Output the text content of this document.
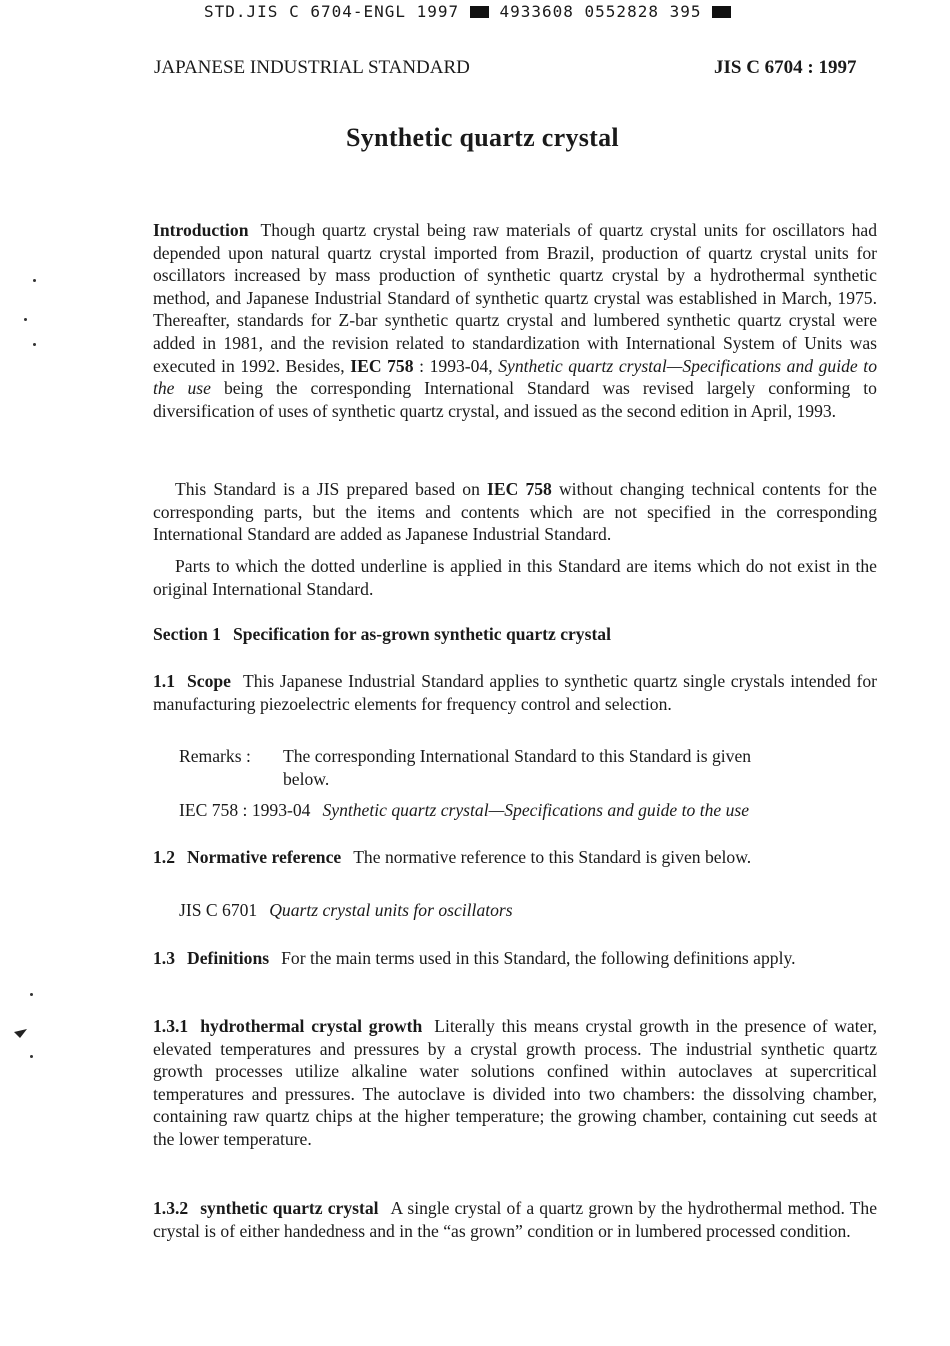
STD.JIS C 6704-ENGL 1997	4933608 0552828 395
JAPANESE INDUSTRIAL STANDARD	JIS C 6704 : 1997
Synthetic quartz crystal

Introduction Though quartz crystal being raw materials of quartz crystal units for oscillators had depended upon natural quartz crystal imported from Brazil, production of quartz crystal units for oscillators increased by mass production of synthetic quartz crystal by a hydrothermal synthetic method, and Japanese Industrial Standard of synthetic quartz crystal was established in March, 1975. Thereafter, standards for Z-bar synthetic quartz crystal and lumbered synthetic quartz crystal were added in 1981, and the revision related to standardization with International System of Units was executed in 1992. Besides, IEC 758 : 1993-04, Synthetic quartz crystal—Specifications and guide to the use being the corresponding International Standard was revised largely conforming to diversification of uses of synthetic quartz crystal, and issued as the second edition in April, 1993.

This Standard is a JIS prepared based on IEC 758 without changing technical contents for the corresponding parts, but the items and contents which are not specified in the corresponding International Standard are added as Japanese Industrial Standard.

Parts to which the dotted underline is applied in this Standard are items which do not exist in the original International Standard.

Section 1 Specification for as-grown synthetic quartz crystal

1.1 Scope This Japanese Industrial Standard applies to synthetic quartz single crystals intended for manufacturing piezoelectric elements for frequency control and selection.

Remarks : The corresponding International Standard to this Standard is given
below.
IEC 758 : 1993-04 Synthetic quartz crystal—Specifications and guide to the use

1.2 Normative reference The normative reference to this Standard is given below.

JIS C 6701 Quartz crystal units for oscillators

1.3 Definitions For the main terms used in this Standard, the following definitions apply.

1.3.1 hydrothermal crystal growth Literally this means crystal growth in the presence of water, elevated temperatures and pressures by a crystal growth process. The industrial synthetic quartz growth processes utilize alkaline water solutions confined within autoclaves at supercritical temperatures and pressures. The autoclave is divided into two chambers: the dissolving chamber, containing raw quartz chips at the higher temperature; the growing chamber, containing cut seeds at the lower temperature.

1.3.2 synthetic quartz crystal A single crystal of a quartz grown by the hydrothermal method. The crystal is of either handedness and in the “as grown” condition or in lumbered processed condition.
